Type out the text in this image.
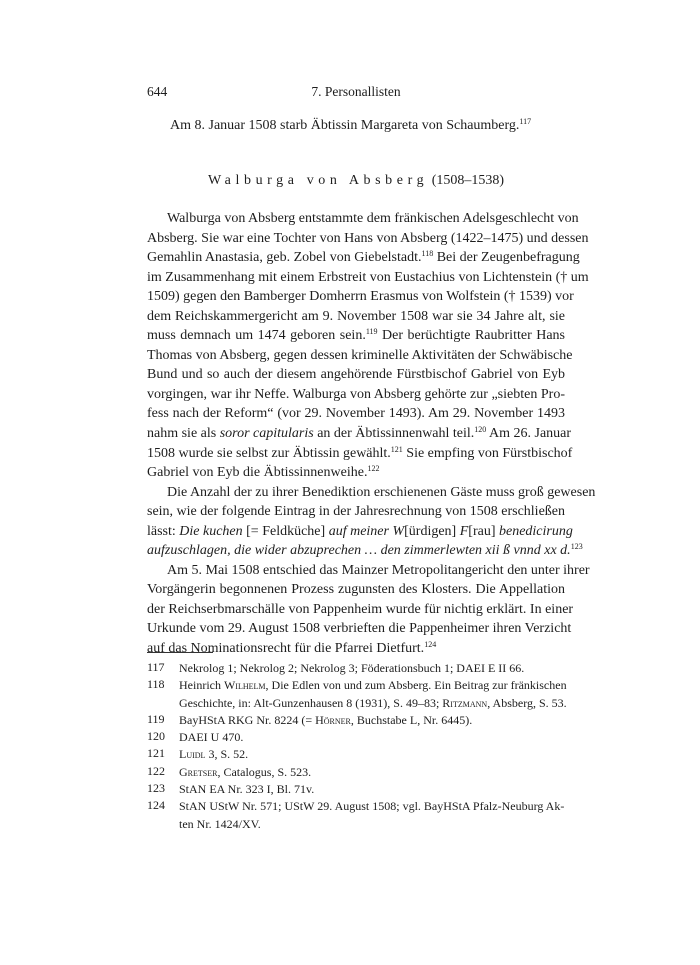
644	7. Personallisten
Am 8. Januar 1508 starb Äbtissin Margareta von Schaumberg.$^{117}$
Walburga von Absberg (1508–1538)
Walburga von Absberg entstammte dem fränkischen Adelsgeschlecht von
Absberg. Sie war eine Tochter von Hans von Absberg (1422–1475) und dessen
Gemahlin Anastasia, geb. Zobel von Giebelstadt.$^{118}$ Bei der Zeugenbefragung
im Zusammenhang mit einem Erbstreit von Eustachius von Lichtenstein († um
1509) gegen den Bamberger Domherrn Erasmus von Wolfstein († 1539) vor
dem Reichskammergericht am 9. November 1508 war sie 34 Jahre alt, sie
muss demnach um 1474 geboren sein.$^{119}$ Der berüchtigte Raubritter Hans
Thomas von Absberg, gegen dessen kriminelle Aktivitäten der Schwäbische
Bund und so auch der diesem angehörende Fürstbischof Gabriel von Eyb
vorgingen, war ihr Neffe. Walburga von Absberg gehörte zur „siebten Pro-
fess nach der Reform“ (vor 29. November 1493). Am 29. November 1493
nahm sie als soror capitularis an der Äbtissinnenwahl teil.$^{120}$ Am 26. Januar
1508 wurde sie selbst zur Äbtissin gewählt.$^{121}$ Sie empfing von Fürstbischof
Gabriel von Eyb die Äbtissinnenweihe.$^{122}$
Die Anzahl der zu ihrer Benediktion erschienenen Gäste muss groß gewesen
sein, wie der folgende Eintrag in der Jahresrechnung von 1508 erschließen
lässt: Die kuchen [= Feldküche] auf meiner W[ürdigen] F[rau] benedicirung
aufzuschlagen, die wider abzuprechen … den zimmerlewten xii ß vnnd xx d.$^{123}$
Am 5. Mai 1508 entschied das Mainzer Metropolitangericht den unter ihrer
Vorgängerin begonnenen Prozess zugunsten des Klosters. Die Appellation
der Reichserbmarschälle von Pappenheim wurde für nichtig erklärt. In einer
Urkunde vom 29. August 1508 verbrieften die Pappenheimer ihren Verzicht
auf das Nominationsrecht für die Pfarrei Dietfurt.$^{124}$
117 Nekrolog 1; Nekrolog 2; Nekrolog 3; Föderationsbuch 1; DAEI E II 66.
118 Heinrich Wilhelm, Die Edlen von und zum Absberg. Ein Beitrag zur fränkischen
Geschichte, in: Alt-Gunzenhausen 8 (1931), S. 49–83; Ritzmann, Absberg, S. 53.
119 BayHStA RKG Nr. 8224 (= Hörner, Buchstabe L, Nr. 6445).
120 DAEI U 470.
121 Luidl 3, S. 52.
122 Gretser, Catalogus, S. 523.
123 StAN EA Nr. 323 I, Bl. 71v.
124 StAN UStW Nr. 571; UStW 29. August 1508; vgl. BayHStA Pfalz-Neuburg Ak-
ten Nr. 1424/XV.
